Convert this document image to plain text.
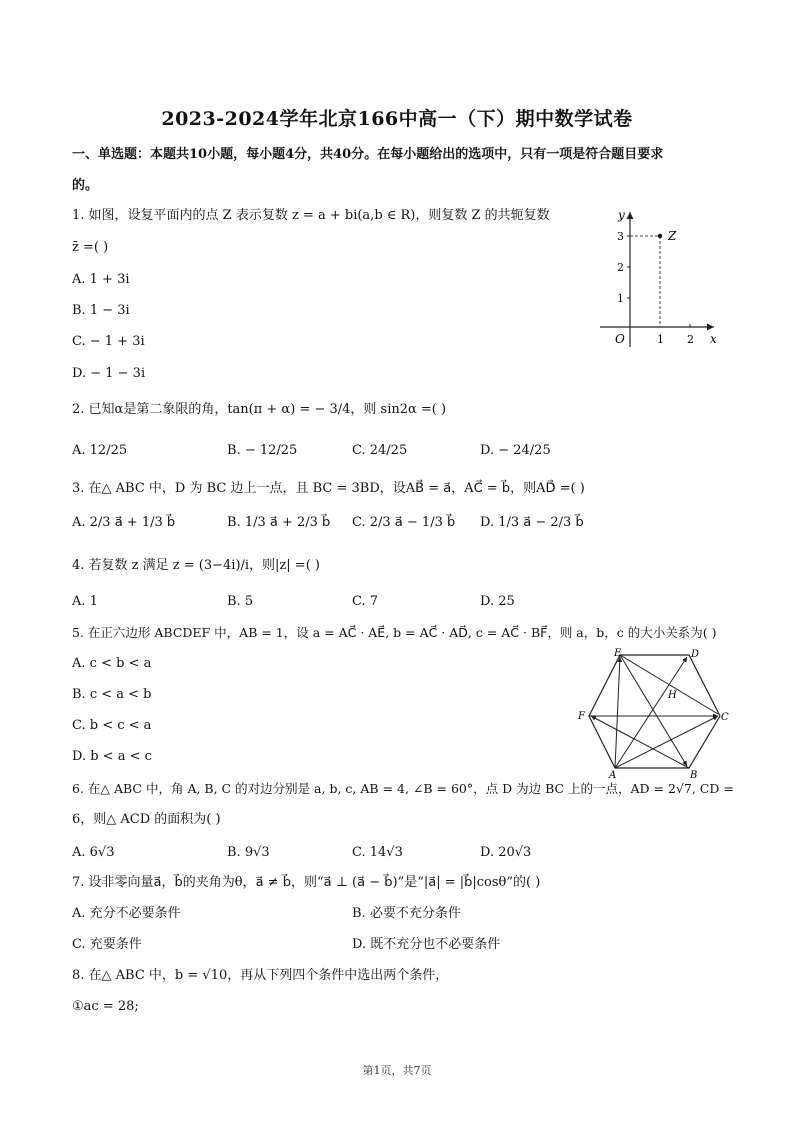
2023-2024学年北京166中高一（下）期中数学试卷
一、单选题：本题共10小题，每小题4分，共40分。在每小题给出的选项中，只有一项是符合题目要求
的。
1. 如图，设复平面内的点 Z 表示复数 z = a + bi(a,b ∈ R)，则复数 Z 的共轭复数
z̄ =( )
A. 1 + 3i
B. 1 − 3i
C. − 1 + 3i
D. − 1 − 3i
y
x
O
Z
1
2
3
1 2
2. 已知α是第二象限的角，tan(π + α) = − 3/4，则 sin2α =( )
A. 12/25	B. − 12/25	C. 24/25	D. − 24/25
3. 在△ ABC 中，D 为 BC 边上一点，且 BC = 3BD，设AB⃗ = a⃗，AC⃗ = b⃗，则AD⃗ =( )
A. 2/3 a⃗ + 1/3 b⃗	B. 1/3 a⃗ + 2/3 b⃗ C. 2/3 a⃗ − 1/3 b⃗ D. 1/3 a⃗ − 2/3 b⃗
4. 若复数 z 满足 z = (3−4i)/i，则|z| =( )
A. 1	B. 5	C. 7	D. 25
5. 在正六边形 ABCDEF 中，AB = 1，设 a = AC⃗ · AE⃗, b = AC⃗ · AD⃗, c = AC⃗ · BF⃗，则 a，b，c 的大小关系为( )
A. c < b < a
B. c < a < b
C. b < c < a
D. b < a < c
A	B
C
D
E
F
H
6. 在△ ABC 中，角 A, B, C 的对边分别是 a, b, c, AB = 4, ∠B = 60°，点 D 为边 BC 上的一点，AD = 2√7, CD =
6，则△ ACD 的面积为( )
A. 6√3	B. 9√3	C. 14√3	D. 20√3
7. 设非零向量a⃗，b⃗的夹角为θ，a⃗ ≠ b⃗，则“a⃗ ⊥ (a⃗ − b⃗)”是“|a⃗| = |b⃗|cosθ”的( )
A. 充分不必要条件	B. 必要不充分条件
C. 充要条件	D. 既不充分也不必要条件
8. 在△ ABC 中，b = √10，再从下列四个条件中选出两个条件，
①ac = 28;
第1页，共7页
